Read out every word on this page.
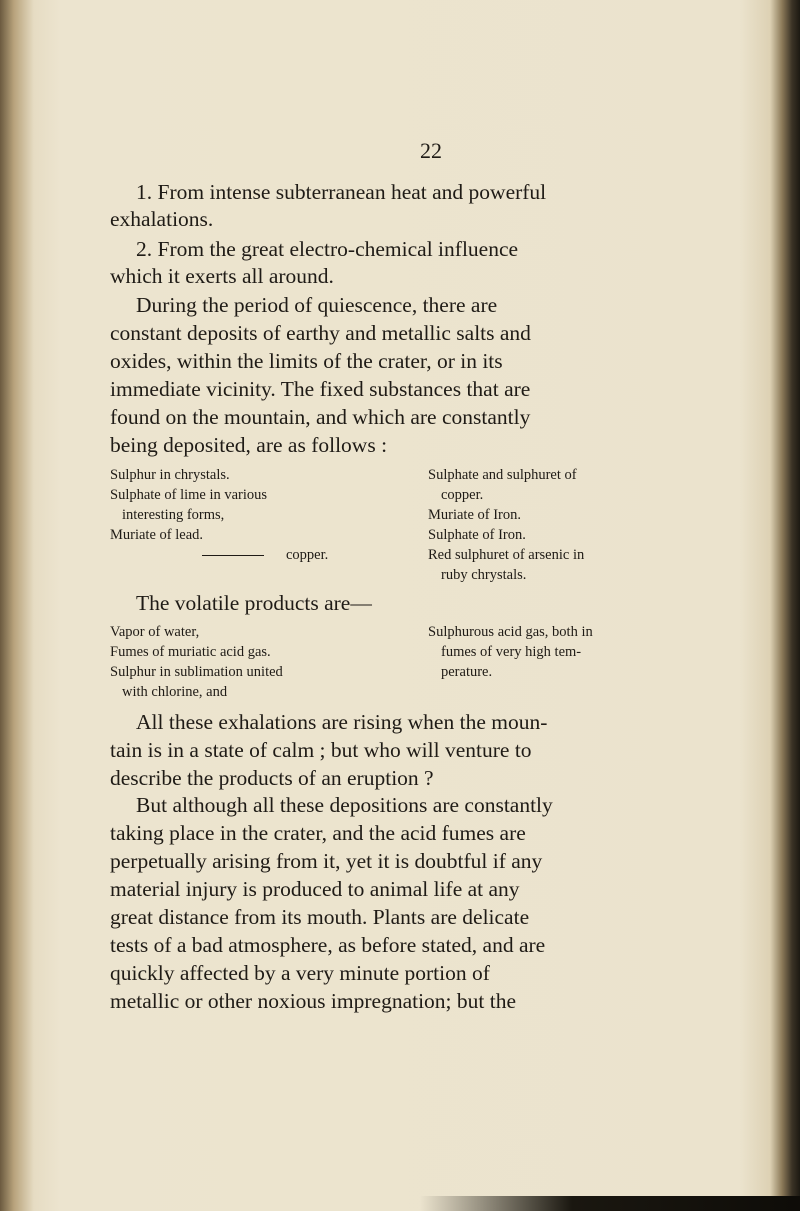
22
1. From intense subterranean heat and powerful
exhalations.
2. From the great electro-chemical influence
which it exerts all around.
During the period of quiescence, there are
constant deposits of earthy and metallic salts and
oxides, within the limits of the crater, or in its
immediate vicinity. The fixed substances that are
found on the mountain, and which are constantly
being deposited, are as follows :
Sulphur in chrystals.
Sulphate of lime in various
interesting forms,
Muriate of lead.
copper.
Sulphate and sulphuret of
copper.
Muriate of Iron.
Sulphate of Iron.
Red sulphuret of arsenic in
ruby chrystals.
The volatile products are—
Vapor of water,
Fumes of muriatic acid gas.
Sulphur in sublimation united
with chlorine, and
Sulphurous acid gas, both in
fumes of very high tem-
perature.
All these exhalations are rising when the moun-
tain is in a state of calm ; but who will venture to
describe the products of an eruption ?
But although all these depositions are constantly
taking place in the crater, and the acid fumes are
perpetually arising from it, yet it is doubtful if any
material injury is produced to animal life at any
great distance from its mouth. Plants are delicate
tests of a bad atmosphere, as before stated, and are
quickly affected by a very minute portion of
metallic or other noxious impregnation; but the
